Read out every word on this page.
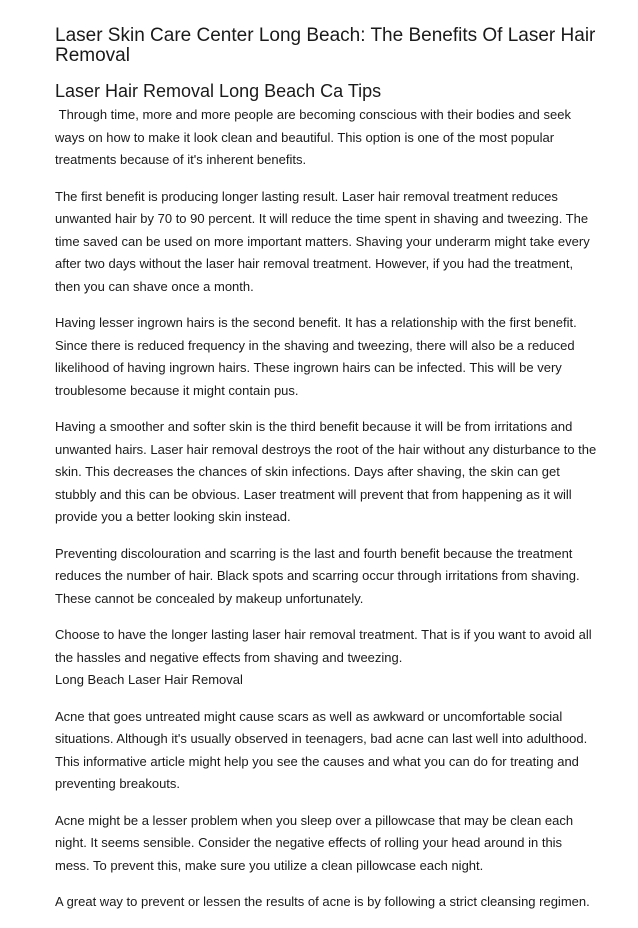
Laser Skin Care Center Long Beach: The Benefits Of Laser Hair Removal
Laser Hair Removal Long Beach Ca Tips

Through time, more and more people are becoming conscious with their bodies and seek ways on how to make it look clean and beautiful. This option is one of the most popular treatments because of it's inherent benefits.

The first benefit is producing longer lasting result. Laser hair removal treatment reduces unwanted hair by 70 to 90 percent. It will reduce the time spent in shaving and tweezing. The time saved can be used on more important matters. Shaving your underarm might take every after two days without the laser hair removal treatment. However, if you had the treatment, then you can shave once a month.

Having lesser ingrown hairs is the second benefit. It has a relationship with the first benefit. Since there is reduced frequency in the shaving and tweezing, there will also be a reduced likelihood of having ingrown hairs. These ingrown hairs can be infected. This will be very troublesome because it might contain pus.

Having a smoother and softer skin is the third benefit because it will be from irritations and unwanted hairs. Laser hair removal destroys the root of the hair without any disturbance to the skin. This decreases the chances of skin infections. Days after shaving, the skin can get stubbly and this can be obvious. Laser treatment will prevent that from happening as it will provide you a better looking skin instead.

Preventing discolouration and scarring is the last and fourth benefit because the treatment reduces the number of hair. Black spots and scarring occur through irritations from shaving. These cannot be concealed by makeup unfortunately.

Choose to have the longer lasting laser hair removal treatment. That is if you want to avoid all the hassles and negative effects from shaving and tweezing.
Long Beach Laser Hair Removal

Acne that goes untreated might cause scars as well as awkward or uncomfortable social situations. Although it's usually observed in teenagers, bad acne can last well into adulthood. This informative article might help you see the causes and what you can do for treating and preventing breakouts.

Acne might be a lesser problem when you sleep over a pillowcase that may be clean each night. It seems sensible. Consider the negative effects of rolling your head around in this mess. To prevent this, make sure you utilize a clean pillowcase each night.

A great way to prevent or lessen the results of acne is by following a strict cleansing regimen.
